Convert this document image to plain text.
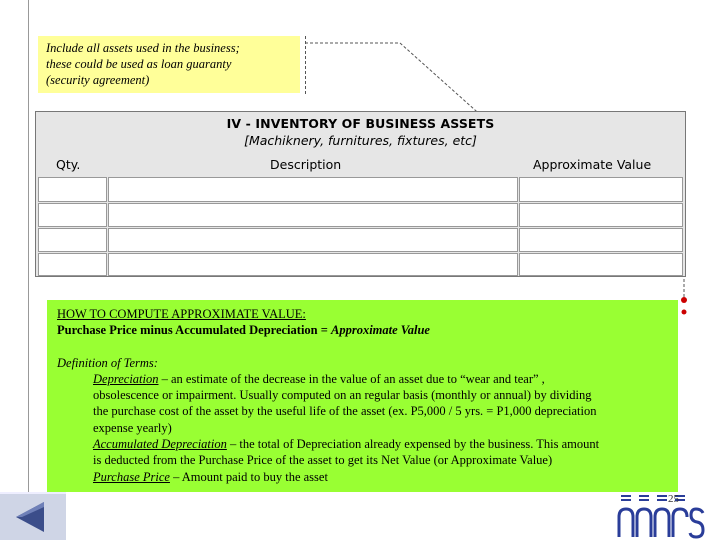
Include all assets used in the business;
these could be used as loan guaranty
(security agreement)
IV - INVENTORY OF BUSINESS ASSETS
[Machiknery, furnitures, fixtures, etc]
Qty.	Description	Approximate Value
HOW TO COMPUTE APPROXIMATE VALUE:
Purchase Price minus Accumulated Depreciation = Approximate Value
Definition of Terms:
Depreciation – an estimate of the decrease in the value of an asset due to “wear and tear” ,
obsolescence or impairment. Usually computed on an regular basis (monthly or annual) by dividing
the purchase cost of the asset by the useful life of the asset (ex. P5,000 / 5 yrs. = P1,000 depreciation
expense yearly)
Accumulated Depreciation – the total of Depreciation already expensed by the business. This amount
is deducted from the Purchase Price of the asset to get its Net Value (or Approximate Value)
Purchase Price – Amount paid to buy the asset
25
